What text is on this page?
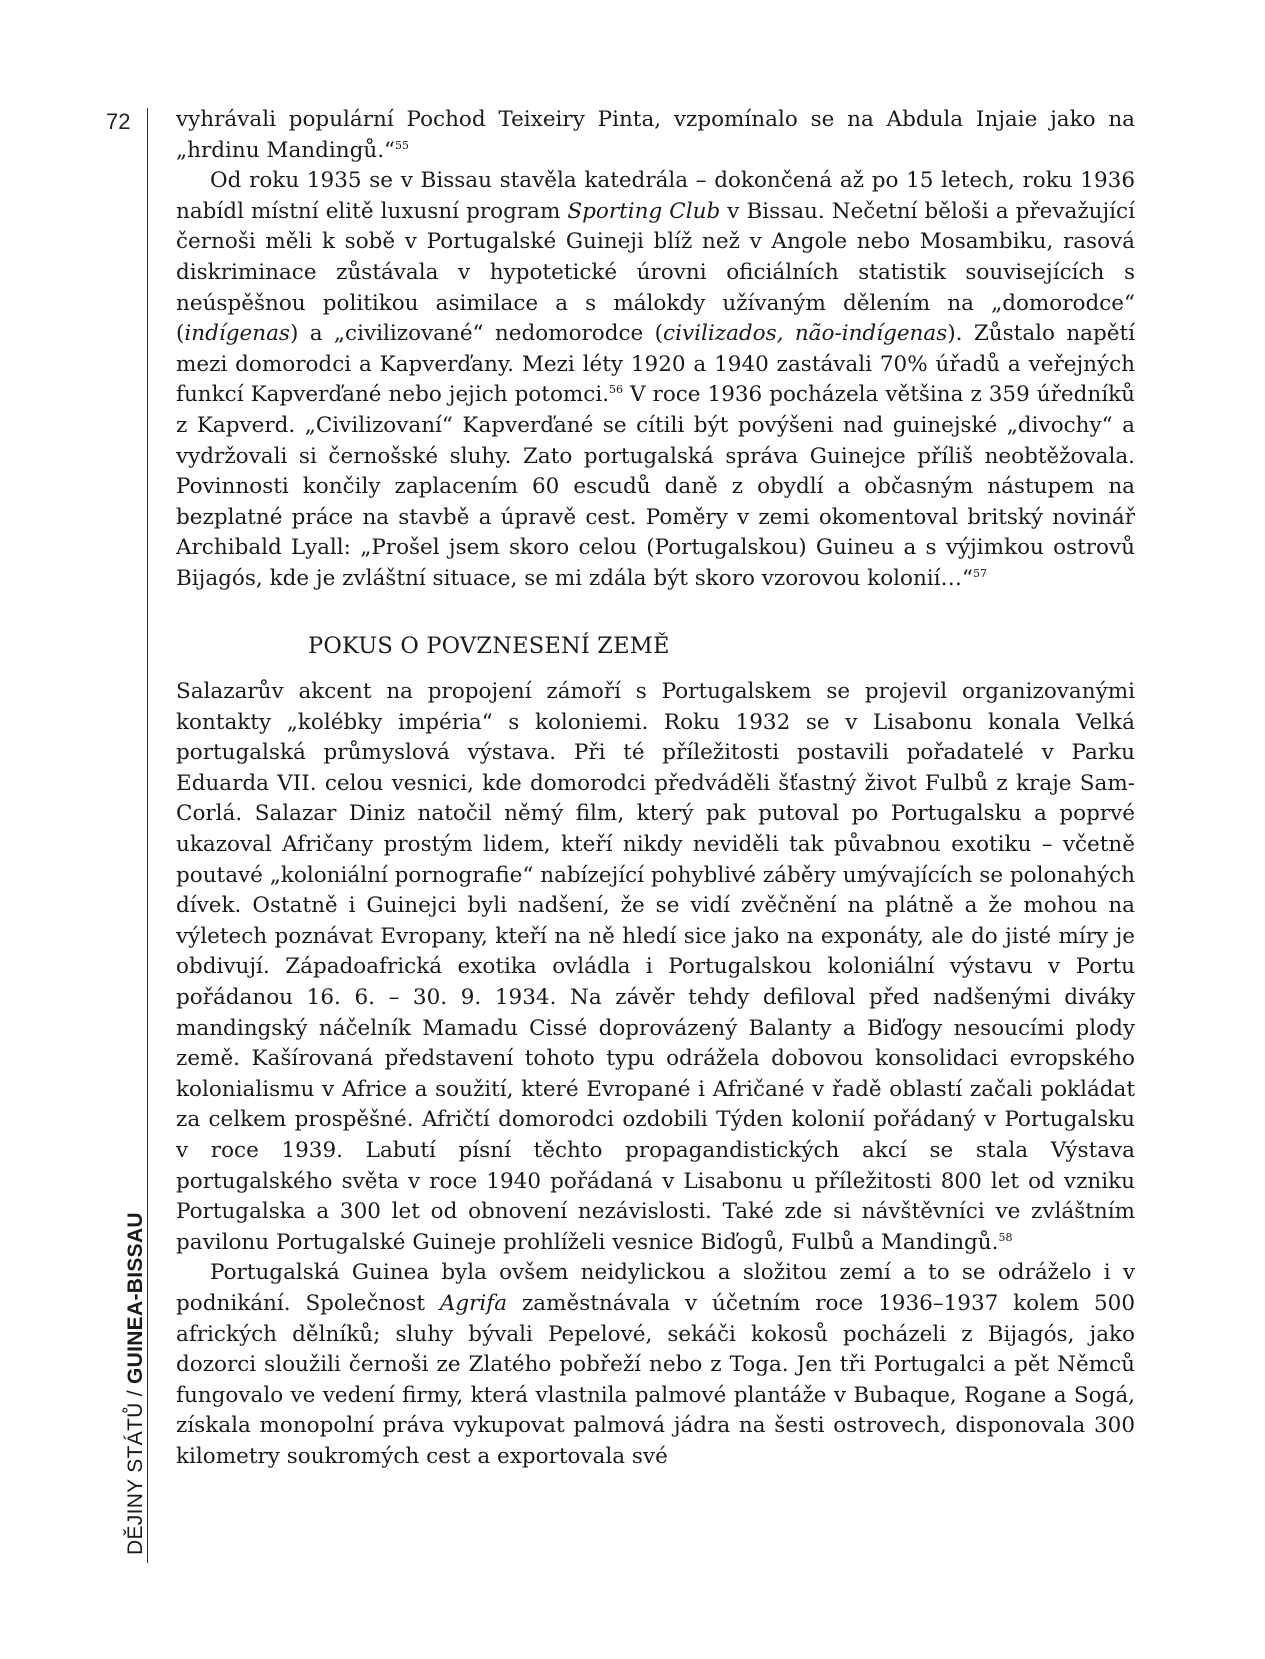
72
DĚJINY STÁTŮ / GUINEA-BISSAU

vyhrávali populární Pochod Teixeiry Pinta, vzpomínalo se na Abdula Injaie jako na „hrdinu Mandingů.“$^{55}$

Od roku 1935 se v Bissau stavěla katedrála – dokončená až po 15 letech, roku 1936 nabídl místní elitě luxusní program Sporting Club v Bissau. Nečetní běloši a převažující černoši měli k sobě v Portugalské Guineji blíž než v Angole nebo Mosambiku, rasová diskriminace zůstávala v hypotetické úrovni oficiálních statistik souvisejících s neúspěšnou politikou asimilace a s málokdy užívaným dělením na „domorodce“ (indígenas) a „civilizované“ nedomorodce (civilizados, não-indígenas). Zůstalo napětí mezi domorodci a Kapverďany. Mezi léty 1920 a 1940 zastávali 70% úřadů a veřejných funkcí Kapverďané nebo jejich potomci.$^{56}$ V roce 1936 pocházela většina z 359 úředníků z Kapverd. „Civilizovaní“ Kapverďané se cítili být povýšeni nad guinejské „divochy“ a vydržovali si černošské sluhy. Zato portugalská správa Guinejce příliš neobtěžovala. Povinnosti končily zaplacením 60 escudů daně z obydlí a občasným nástupem na bezplatné práce na stavbě a úpravě cest. Poměry v zemi okomentoval britský novinář Archibald Lyall: „Prošel jsem skoro celou (Portugalskou) Guineu a s výjimkou ostrovů Bijagós, kde je zvláštní situace, se mi zdála být skoro vzorovou kolonií…“$^{57}$

POKUS O POVZNESENÍ ZEMĚ

Salazarův akcent na propojení zámoří s Portugalskem se projevil organizovanými kontakty „kolébky impéria“ s koloniemi. Roku 1932 se v Lisabonu konala Velká portugalská průmyslová výstava. Při té příležitosti postavili pořadatelé v Parku Eduarda VII. celou vesnici, kde domorodci předváděli šťastný život Fulbů z kraje Sam-Corlá. Salazar Diniz natočil němý film, který pak putoval po Portugalsku a poprvé ukazoval Afričany prostým lidem, kteří nikdy neviděli tak půvabnou exotiku – včetně poutavé „koloniální pornografie“ nabízející pohyblivé záběry umývajících se polonahých dívek. Ostatně i Guinejci byli nadšení, že se vidí zvěčnění na plátně a že mohou na výletech poznávat Evropany, kteří na ně hledí sice jako na exponáty, ale do jisté míry je obdivují. Západoafrická exotika ovládla i Portugalskou koloniální výstavu v Portu pořádanou 16. 6. – 30. 9. 1934. Na závěr tehdy defiloval před nadšenými diváky mandingský náčelník Mamadu Cissé doprovázený Balanty a Biďogy nesoucími plody země. Kašírovaná představení tohoto typu odrážela dobovou konsolidaci evropského kolonialismu v Africe a soužití, které Evropané i Afričané v řadě oblastí začali pokládat za celkem prospěšné. Afričtí domorodci ozdobili Týden kolonií pořádaný v Portugalsku v roce 1939. Labutí písní těchto propagandistických akcí se stala Výstava portugalského světa v roce 1940 pořádaná v Lisabonu u příležitosti 800 let od vzniku Portugalska a 300 let od obnovení nezávislosti. Také zde si návštěvníci ve zvláštním pavilonu Portugalské Guineje prohlíželi vesnice Biďogů, Fulbů a Mandingů.$^{58}$

Portugalská Guinea byla ovšem neidylickou a složitou zemí a to se odráželo i v podnikání. Společnost Agrifa zaměstnávala v účetním roce 1936–1937 kolem 500 afrických dělníků; sluhy bývali Pepelové, sekáči kokosů pocházeli z Bijagós, jako dozorci sloužili černoši ze Zlatého pobřeží nebo z Toga. Jen tři Portugalci a pět Němců fungovalo ve vedení firmy, která vlastnila palmové plantáže v Bubaque, Rogane a Sogá, získala monopolní práva vykupovat palmová jádra na šesti ostrovech, disponovala 300 kilometry soukromých cest a exportovala své
